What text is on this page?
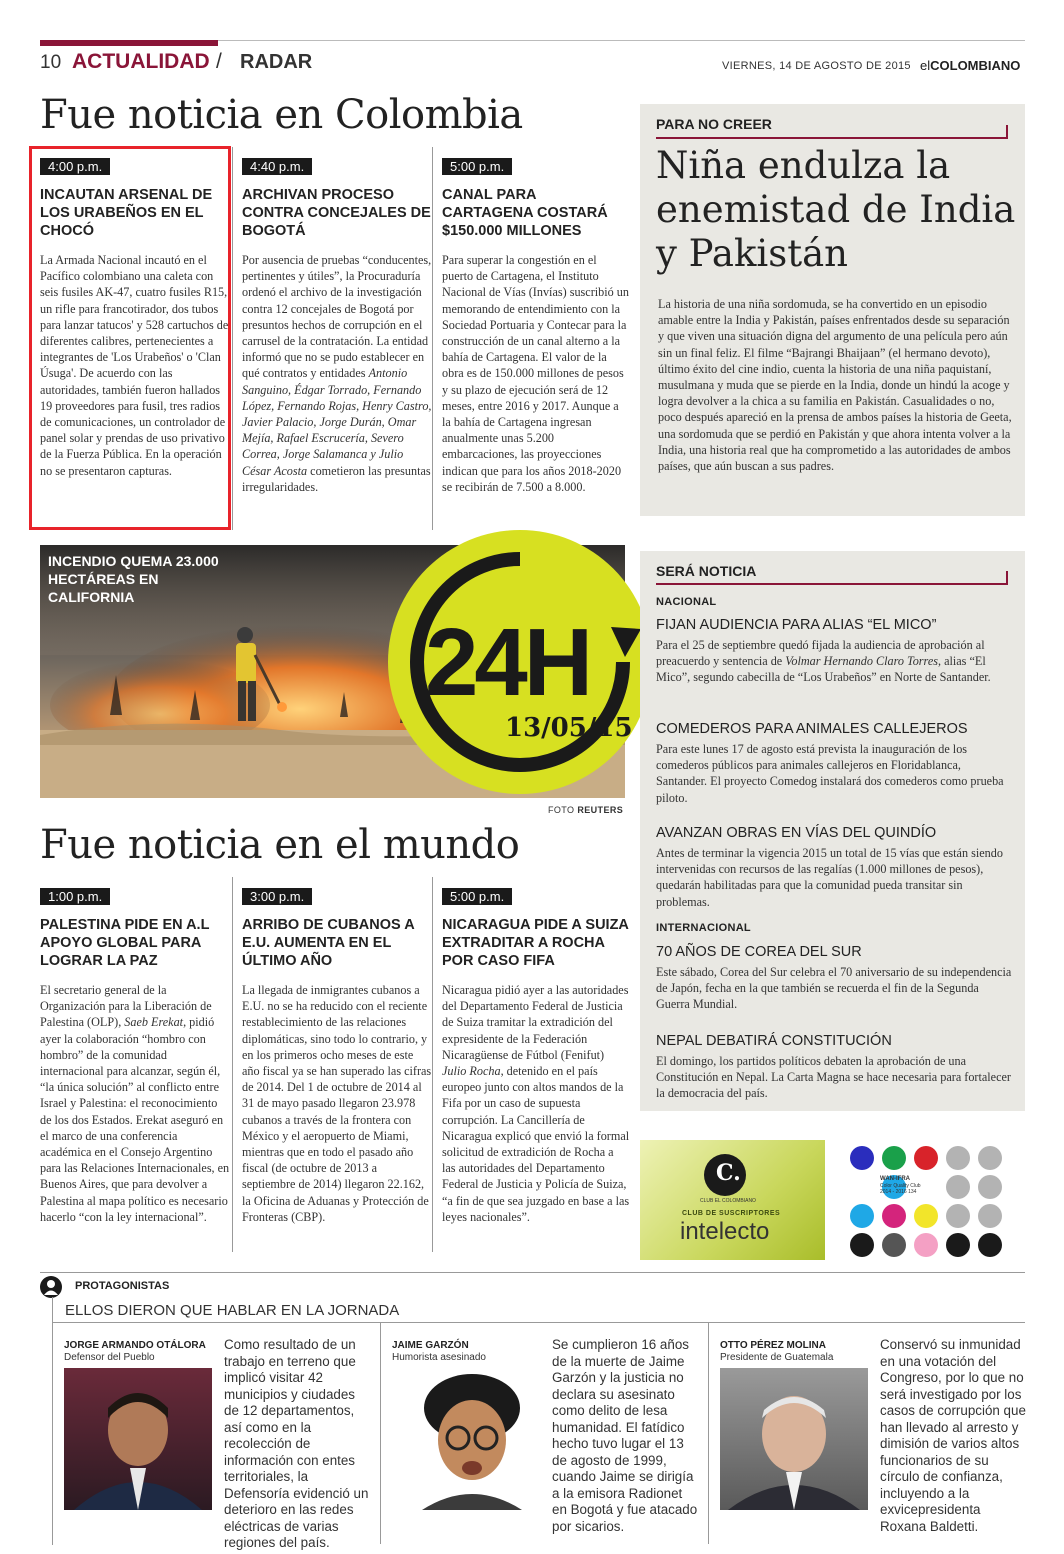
10 ACTUALIDAD / RADAR	VIERNES, 14 DE AGOSTO DE 2015 elCOLOMBIANO
Fue noticia en Colombia
4:00 p.m.
INCAUTAN ARSENAL DE LOS URABEÑOS EN EL CHOCÓ

La Armada Nacional incautó en el Pacífico colombiano una caleta con seis fusiles AK-47, cuatro fusiles R15, un rifle para francotirador, dos tubos para lanzar tatucos' y 528 cartuchos de diferentes calibres, pertenecientes a integrantes de 'Los Urabeños' o 'Clan Úsuga'. De acuerdo con las autoridades, también fueron hallados 19 proveedores para fusil, tres radios de comunicaciones, un controlador de panel solar y prendas de uso privativo de la Fuerza Pública. En la operación no se presentaron capturas.

4:40 p.m.
ARCHIVAN PROCESO CONTRA CONCEJALES DE BOGOTÁ

Por ausencia de pruebas “conducentes, pertinentes y útiles”, la Procuraduría ordenó el archivo de la investigación contra 12 concejales de Bogotá por presuntos hechos de corrupción en el carrusel de la contratación. La entidad informó que no se pudo establecer en qué contratos y entidades Antonio Sanguino, Édgar Torrado, Fernando López, Fernando Rojas, Henry Castro, Javier Palacio, Jorge Durán, Omar Mejía, Rafael Escrucería, Severo Correa, Jorge Salamanca y Julio César Acosta cometieron las presuntas irregularidades.

5:00 p.m.
CANAL PARA CARTAGENA COSTARÁ $150.000 MILLONES

Para superar la congestión en el puerto de Cartagena, el Instituto Nacional de Vías (Invías) suscribió un memorando de entendimiento con la Sociedad Portuaria y Contecar para la construcción de un canal alterno a la bahía de Cartagena. El valor de la obra es de 150.000 millones de pesos y su plazo de ejecución será de 12 meses, entre 2016 y 2017. Aunque a la bahía de Cartagena ingresan anualmente unas 5.200 embarcaciones, las proyecciones indican que para los años 2018-2020 se recibirán de 7.500 a 8.000.

PARA NO CREER
Niña endulza la enemistad de India y Pakistán
La historia de una niña sordomuda, se ha convertido en un episodio amable entre la India y Pakistán, países enfrentados desde su separación y que viven una situación digna del argumento de una película pero aún sin un final feliz. El filme “Bajrangi Bhaijaan” (el hermano devoto), último éxito del cine indio, cuenta la historia de una niña paquistaní, musulmana y muda que se pierde en la India, donde un hindú la acoge y logra devolver a la chica a su familia en Pakistán. Casualidades o no, poco después apareció en la prensa de ambos países la historia de Geeta, una sordomuda que se perdió en Pakistán y que ahora intenta volver a la India, una historia real que ha comprometido a las autoridades de ambos países, que aún buscan a sus padres.
INCENDIO QUEMA 23.000 HECTÁREAS EN CALIFORNIA
24H
13/05/15
FOTO REUTERS
SERÁ NOTICIA
NACIONAL
FIJAN AUDIENCIA PARA ALIAS “EL MICO”
Para el 25 de septiembre quedó fijada la audiencia de aprobación al preacuerdo y sentencia de Volmar Hernando Claro Torres, alias “El Mico”, segundo cabecilla de “Los Urabeños” en Norte de Santander.
COMEDEROS PARA ANIMALES CALLEJEROS
Para este lunes 17 de agosto está prevista la inauguración de los comederos públicos para animales callejeros en Floridablanca, Santander. El proyecto Comedog instalará dos comederos como prueba piloto.
AVANZAN OBRAS EN VÍAS DEL QUINDÍO
Antes de terminar la vigencia 2015 un total de 15 vías que están siendo intervenidas con recursos de las regalías (1.000 millones de pesos), quedarán habilitadas para que la comunidad pueda transitar sin problemas.
INTERNACIONAL
70 AÑOS DE COREA DEL SUR
Este sábado, Corea del Sur celebra el 70 aniversario de su independencia de Japón, fecha en la que también se recuerda el fin de la Segunda Guerra Mundial.
NEPAL DEBATIRÁ CONSTITUCIÓN
El domingo, los partidos políticos debaten la aprobación de una Constitución en Nepal. La Carta Magna se hace necesaria para fortalecer la democracia del país.
Fue noticia en el mundo
1:00 p.m.
PALESTINA PIDE EN A.L APOYO GLOBAL PARA LOGRAR LA PAZ

El secretario general de la Organización para la Liberación de Palestina (OLP), Saeb Erekat, pidió ayer la colaboración “hombro con hombro” de la comunidad internacional para alcanzar, según él, “la única solución” al conflicto entre Israel y Palestina: el reconocimiento de los dos Estados. Erekat aseguró en el marco de una conferencia académica en el Consejo Argentino para las Relaciones Internacionales, en Buenos Aires, que para devolver a Palestina al mapa político es necesario hacerlo “con la ley internacional”.

3:00 p.m.
ARRIBO DE CUBANOS A E.U. AUMENTA EN EL ÚLTIMO AÑO

La llegada de inmigrantes cubanos a E.U. no se ha reducido con el reciente restablecimiento de las relaciones diplomáticas, sino todo lo contrario, y en los primeros ocho meses de este año fiscal ya se han superado las cifras de 2014. Del 1 de octubre de 2014 al 31 de mayo pasado llegaron 23.978 cubanos a través de la frontera con México y el aeropuerto de Miami, mientras que en todo el pasado año fiscal (de octubre de 2013 a septiembre de 2014) llegaron 22.162, la Oficina de Aduanas y Protección de Fronteras (CBP).

5:00 p.m.
NICARAGUA PIDE A SUIZA EXTRADITAR A ROCHA POR CASO FIFA

Nicaragua pidió ayer a las autoridades del Departamento Federal de Justicia de Suiza tramitar la extradición del expresidente de la Federación Nicaragüense de Fútbol (Fenifut) Julio Rocha, detenido en el país europeo junto con altos mandos de la Fifa por un caso de supuesta corrupción. La Cancillería de Nicaragua explicó que envió la formal solicitud de extradición de Rocha a las autoridades del Departamento Federal de Justicia y Policía de Suiza, “a fin de que sea juzgado en base a las leyes nacionales”.

C.
CLUB EL COLOMBIANO
CLUB DE SUSCRIPTORES
intelecto
WAN-IFRA
Color Quality Club
2014 - 2016 134
PROTAGONISTAS
ELLOS DIERON QUE HABLAR EN LA JORNADA
JORGE ARMANDO OTÁLORA
Defensor del Pueblo
Como resultado de un trabajo en terreno que implicó visitar 42 municipios y ciudades de 12 departamentos, así como en la recolección de información con entes territoriales, la Defensoría evidenció un deterioro en las redes eléctricas de varias regiones del país.
JAIME GARZÓN
Humorista asesinado
Se cumplieron 16 años de la muerte de Jaime Garzón y la justicia no declara su asesinato como delito de lesa humanidad. El fatídico hecho tuvo lugar el 13 de agosto de 1999, cuando Jaime se dirigía a la emisora Radionet en Bogotá y fue atacado por sicarios.
OTTO PÉREZ MOLINA
Presidente de Guatemala
Conservó su inmunidad en una votación del Congreso, por lo que no será investigado por los casos de corrupción que han llevado al arresto y dimisión de varios altos funcionarios de su círculo de confianza, incluyendo a la exvicepresidenta Roxana Baldetti.
